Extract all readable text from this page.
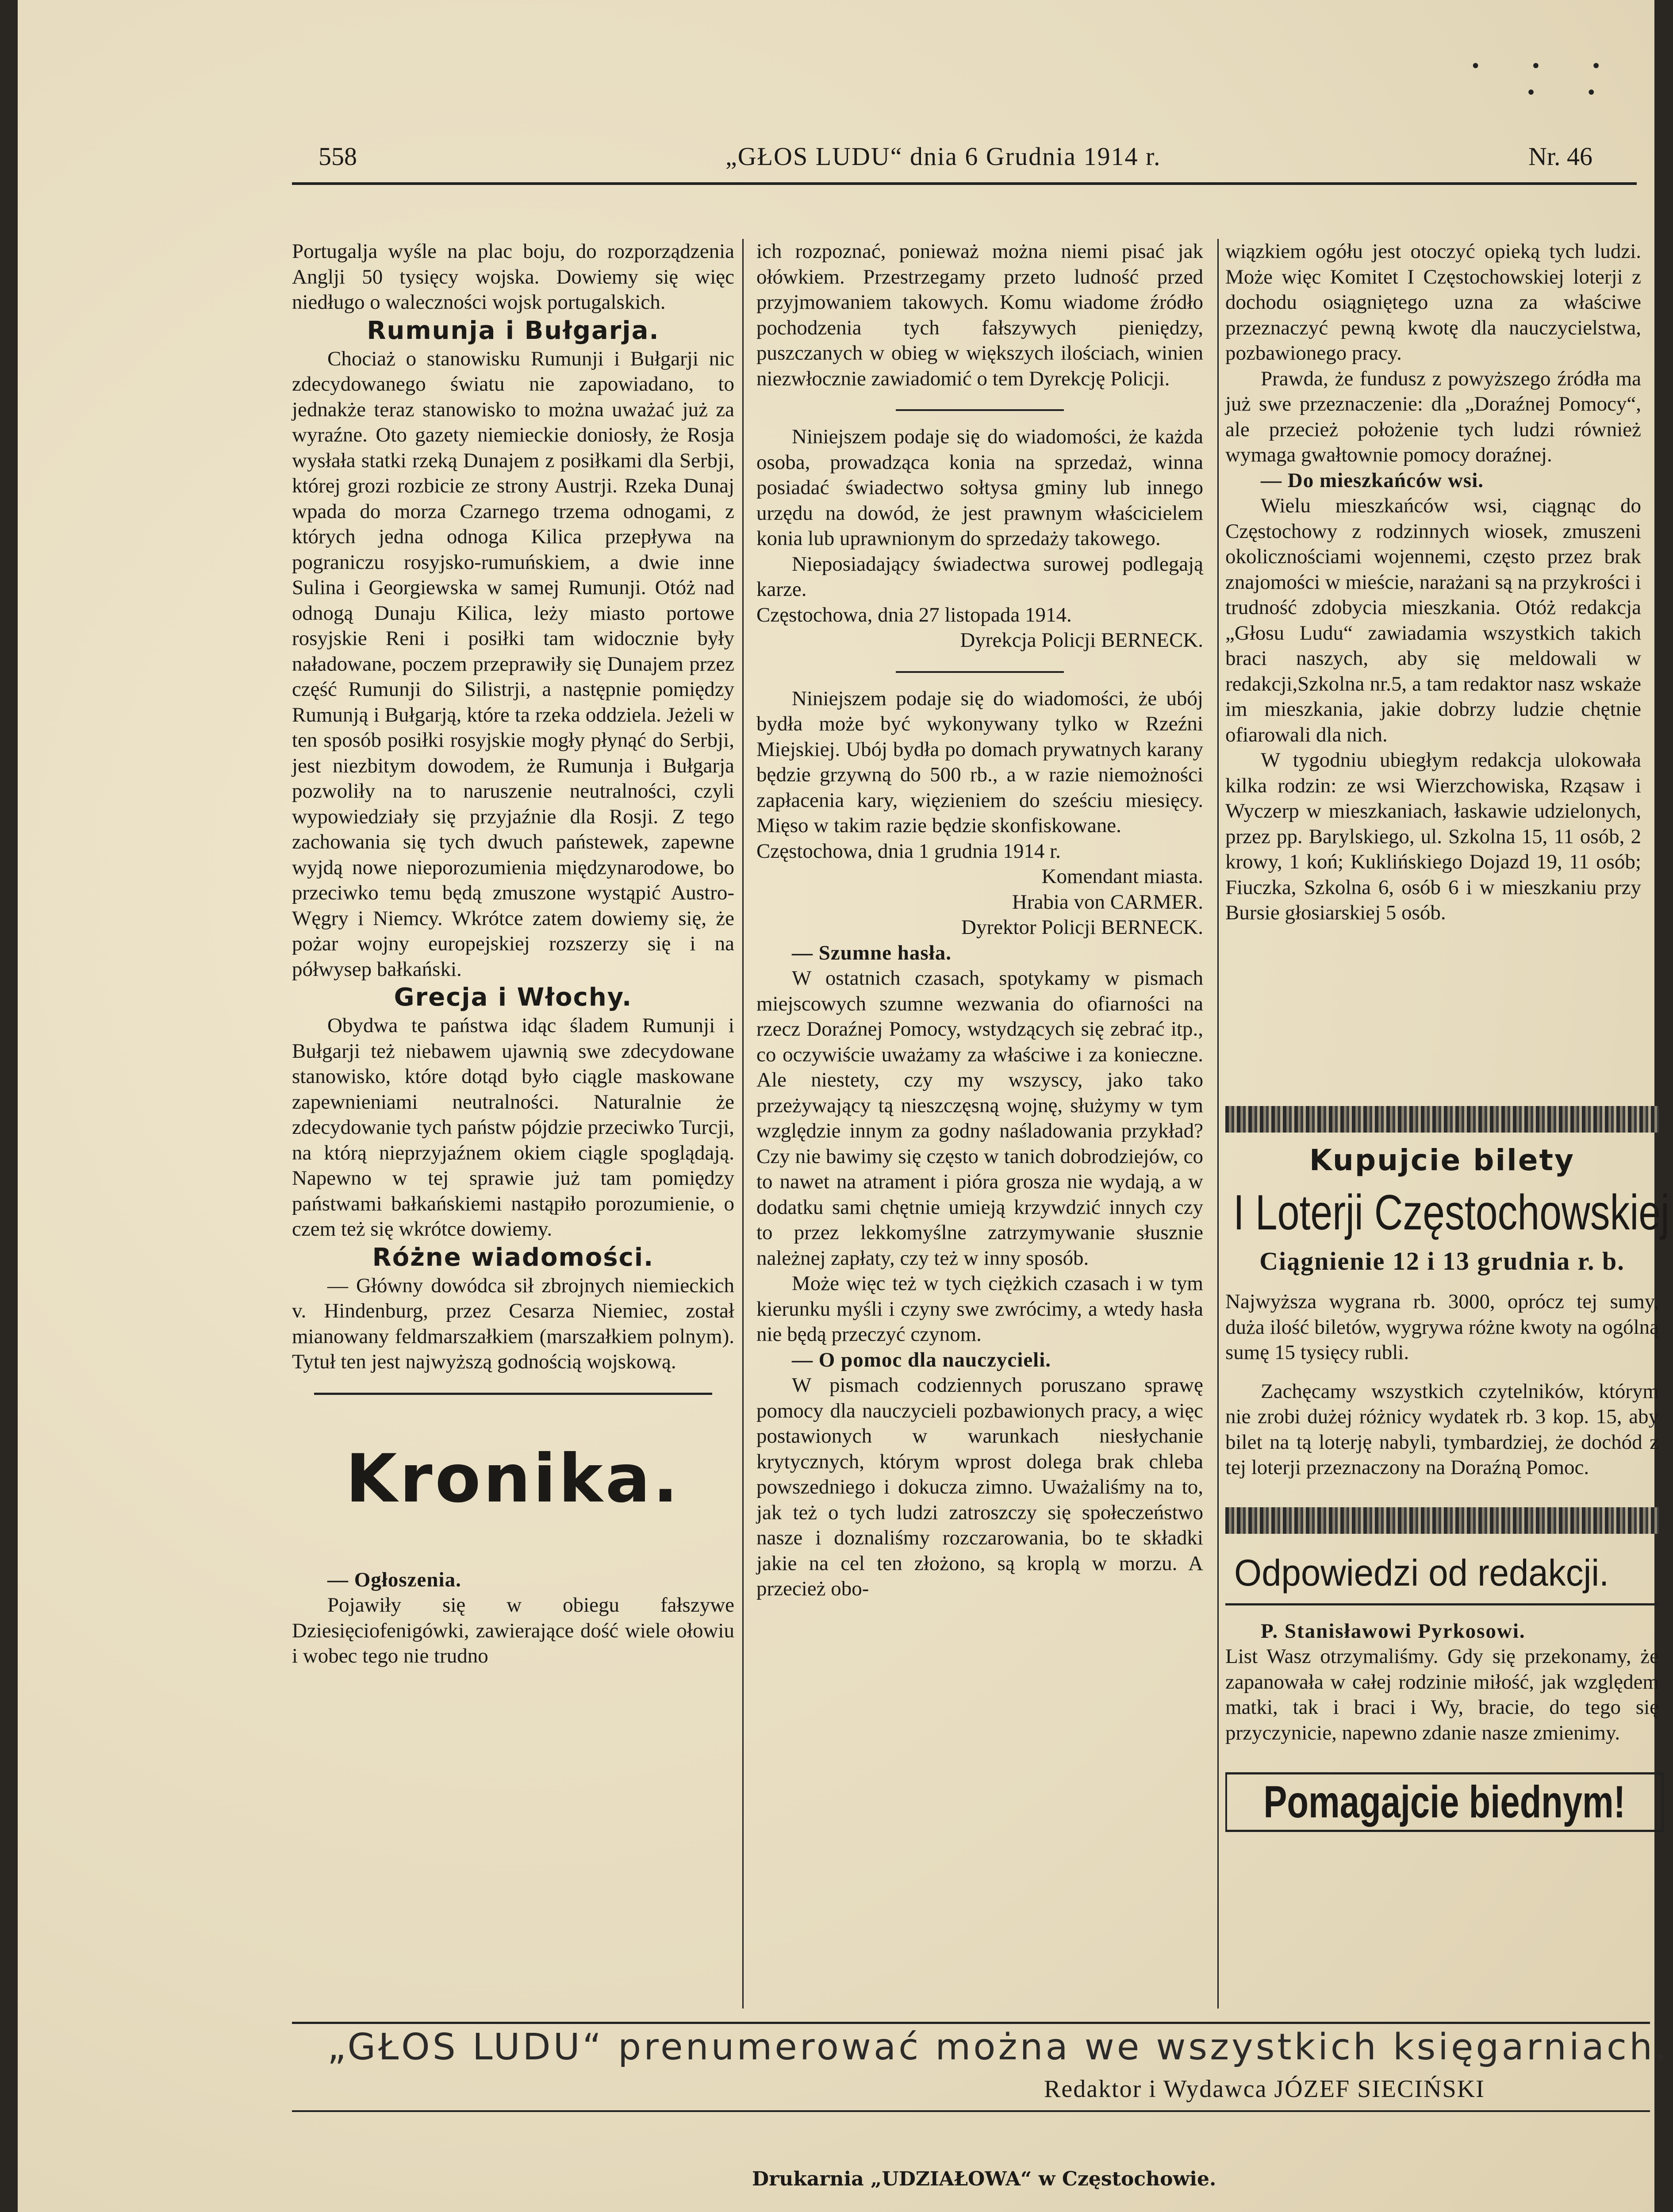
• • •
• •
558	„GŁOS LUDU“ dnia 6 Grudnia 1914 r.	Nr. 46

Portugalja wyśle na plac boju, do rozporządzenia Anglji 50 tysięcy wojska. Dowiemy się więc niedługo o waleczności wojsk portugalskich.

Rumunja i Bułgarja.

Chociaż o stanowisku Rumunji i Bułgarji nic zdecydowanego światu nie zapowiadano, to jednakże teraz stanowisko to można uważać już za wyraźne. Oto gazety niemieckie doniosły, że Rosja wysłała statki rzeką Dunajem z posiłkami dla Serbji, której grozi rozbicie ze strony Austrji. Rzeka Dunaj wpada do morza Czarnego trzema odnogami, z których jedna odnoga Kilica przepływa na pograniczu rosyjsko-rumuńskiem, a dwie inne Sulina i Georgiewska w samej Rumunji. Otóż nad odnogą Dunaju Kilica, leży miasto portowe rosyjskie Reni i posiłki tam widocznie były naładowane, poczem przeprawiły się Dunajem przez część Rumunji do Silistrji, a następnie pomiędzy Rumunją i Bułgarją, które ta rzeka oddziela. Jeżeli w ten sposób posiłki rosyjskie mogły płynąć do Serbji, jest niezbitym dowodem, że Rumunja i Bułgarja pozwoliły na to naruszenie neutralności, czyli wypowiedziały się przyjaźnie dla Rosji. Z tego zachowania się tych dwuch państewek, zapewne wyjdą nowe nieporozumienia międzynarodowe, bo przeciwko temu będą zmuszone wystąpić Austro-Węgry i Niemcy. Wkrótce zatem dowiemy się, że pożar wojny europejskiej rozszerzy się i na półwysep bałkański.

Grecja i Włochy.

Obydwa te państwa idąc śladem Rumunji i Bułgarji też niebawem ujawnią swe zdecydowane stanowisko, które dotąd było ciągle maskowane zapewnieniami neutralności. Naturalnie że zdecydowanie tych państw pójdzie przeciwko Turcji, na którą nieprzyjaźnem okiem ciągle spoglądają. Napewno w tej sprawie już tam pomiędzy państwami bałkańskiemi nastąpiło porozumienie, o czem też się wkrótce dowiemy.

Różne wiadomości.

— Główny dowódca sił zbrojnych niemieckich v. Hindenburg, przez Cesarza Niemiec, został mianowany feldmarszałkiem (marszałkiem polnym). Tytuł ten jest najwyższą godnością wojskową.

Kronika.

— Ogłoszenia.

Pojawiły się w obiegu fałszywe Dziesięciofenigówki, zawierające dość wiele ołowiu i wobec tego nie trudno

ich rozpoznać, ponieważ można niemi pisać jak ołówkiem. Przestrzegamy przeto ludność przed przyjmowaniem takowych. Komu wiadome źródło pochodzenia tych fałszywych pieniędzy, puszczanych w obieg w większych ilościach, winien niezwłocznie zawiadomić o tem Dyrekcję Policji.

Niniejszem podaje się do wiadomości, że każda osoba, prowadząca konia na sprzedaż, winna posiadać świadectwo sołtysa gminy lub innego urzędu na dowód, że jest prawnym właścicielem konia lub uprawnionym do sprzedaży takowego.

Nieposiadający świadectwa surowej podlegają karze.

Częstochowa, dnia 27 listopada 1914.

Dyrekcja Policji BERNECK.

Niniejszem podaje się do wiadomości, że ubój bydła może być wykonywany tylko w Rzeźni Miejskiej. Ubój bydła po domach prywatnych karany będzie grzywną do 500 rb., a w razie niemożności zapłacenia kary, więzieniem do sześciu miesięcy. Mięso w takim razie będzie skonfiskowane.

Częstochowa, dnia 1 grudnia 1914 r.

Komendant miasta.

Hrabia von CARMER.

Dyrektor Policji BERNECK.

— Szumne hasła.

W ostatnich czasach, spotykamy w pismach miejscowych szumne wezwania do ofiarności na rzecz Doraźnej Pomocy, wstydzących się zebrać itp., co oczywiście uważamy za właściwe i za konieczne. Ale niestety, czy my wszyscy, jako tako przeżywający tą nieszczęsną wojnę, służymy w tym względzie innym za godny naśladowania przykład? Czy nie bawimy się często w tanich dobrodziejów, co to nawet na atrament i pióra grosza nie wydają, a w dodatku sami chętnie umieją krzywdzić innych czy to przez lekkomyślne zatrzymywanie słusznie należnej zapłaty, czy też w inny sposób.

Może więc też w tych ciężkich czasach i w tym kierunku myśli i czyny swe zwrócimy, a wtedy hasła nie będą przeczyć czynom.

— O pomoc dla nauczycieli.

W pismach codziennych poruszano sprawę pomocy dla nauczycieli pozbawionych pracy, a więc postawionych w warunkach niesłychanie krytycznych, którym wprost dolega brak chleba powszedniego i dokucza zimno. Uważaliśmy na to, jak też o tych ludzi zatroszczy się społeczeństwo nasze i doznaliśmy rozczarowania, bo te składki jakie na cel ten złożono, są kroplą w morzu. A przecież obo-

wiązkiem ogółu jest otoczyć opieką tych ludzi. Może więc Komitet I Częstochowskiej loterji z dochodu osiągniętego uzna za właściwe przeznaczyć pewną kwotę dla nauczycielstwa, pozbawionego pracy.

Prawda, że fundusz z powyższego źródła ma już swe przeznaczenie: dla „Doraźnej Pomocy“, ale przecież położenie tych ludzi również wymaga gwałtownie pomocy doraźnej.

— Do mieszkańców wsi.

Wielu mieszkańców wsi, ciągnąc do Częstochowy z rodzinnych wiosek, zmuszeni okolicznościami wojennemi, często przez brak znajomości w mieście, narażani są na przykrości i trudność zdobycia mieszkania. Otóż redakcja „Głosu Ludu“ zawiadamia wszystkich takich braci naszych, aby się meldowali w redakcji,Szkolna nr.5, a tam redaktor nasz wskaże im mieszkania, jakie dobrzy ludzie chętnie ofiarowali dla nich.

W tygodniu ubiegłym redakcja ulokowała kilka rodzin: ze wsi Wierzchowiska, Rząsaw i Wyczerp w mieszkaniach, łaskawie udzielonych, przez pp. Barylskiego, ul. Szkolna 15, 11 osób, 2 krowy, 1 koń; Kuklińskiego Dojazd 19, 11 osób; Fiuczka, Szkolna 6, osób 6 i w mieszkaniu przy Bursie głosiarskiej 5 osób.

Kupujcie bilety
I Loterji Częstochowskiej
Ciągnienie 12 i 13 grudnia r. b.

Najwyższa wygrana rb. 3000, oprócz tej sumy, duża ilość biletów, wygrywa różne kwoty na ogólną sumę 15 tysięcy rubli.

Zachęcamy wszystkich czytelników, którym nie zrobi dużej różnicy wydatek rb. 3 kop. 15, aby bilet na tą loterję nabyli, tymbardziej, że dochód z tej loterji przeznaczony na Doraźną Pomoc.

Odpowiedzi od redakcji.

P. Stanisławowi Pyrkosowi.

List Wasz otrzymaliśmy. Gdy się przekonamy, że zapanowała w całej rodzinie miłość, jak względem matki, tak i braci i Wy, bracie, do tego się przyczynicie, napewno zdanie nasze zmienimy.

Pomagajcie biednym!
„GŁOS LUDU“ prenumerować można we wszystkich księgarniach.
Redaktor i Wydawca JÓZEF SIECIŃSKI
Drukarnia „UDZIAŁOWA“ w Częstochowie.
